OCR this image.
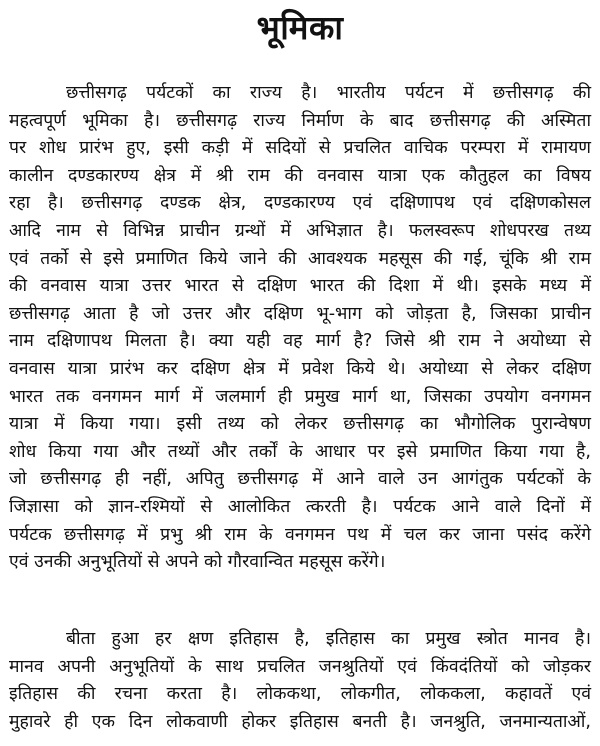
भूमिका
छत्तीसगढ़ पर्यटकों का राज्य है। भारतीय पर्यटन में छत्तीसगढ़ की
महत्वपूर्ण भूमिका है। छत्तीसगढ़ राज्य निर्माण के बाद छत्तीसगढ़ की अस्मिता
पर शोध प्रारंभ हुए, इसी कड़ी में सदियों से प्रचलित वाचिक परम्परा में रामायण
कालीन दण्डकारण्य क्षेत्र में श्री राम की वनवास यात्रा एक कौतुहल का विषय
रहा है। छत्तीसगढ़ दण्डक क्षेत्र, दण्डकारण्य एवं दक्षिणापथ एवं दक्षिणकोसल
आदि नाम से विभिन्न प्राचीन ग्रन्थों में अभिज्ञात है। फलस्वरूप शोधपरख तथ्य
एवं तर्को से इसे प्रमाणित किये जाने की आवश्यक महसूस की गई, चूंकि श्री राम
की वनवास यात्रा उत्तर भारत से दक्षिण भारत की दिशा में थी। इसके मध्य में
छत्तीसगढ़ आता है जो उत्तर और दक्षिण भू-भाग को जोड़ता है, जिसका प्राचीन
नाम दक्षिणापथ मिलता है। क्या यही वह मार्ग है? जिसे श्री राम ने अयोध्या से
वनवास यात्रा प्रारंभ कर दक्षिण क्षेत्र में प्रवेश किये थे। अयोध्या से लेकर दक्षिण
भारत तक वनगमन मार्ग में जलमार्ग ही प्रमुख मार्ग था, जिसका उपयोग वनगमन
यात्रा में किया गया। इसी तथ्य को लेकर छत्तीसगढ़ का भौगोलिक पुरान्वेषण
शोध किया गया और तथ्यों और तर्कों के आधार पर इसे प्रमाणित किया गया है,
जो छत्तीसगढ़ ही नहीं, अपितु छत्तीसगढ़ में आने वाले उन आगंतुक पर्यटकों के
जिज्ञासा को ज्ञान-रश्मियों से आलोकित त्करती है। पर्यटक आने वाले दिनों में
पर्यटक छत्तीसगढ़ में प्रभु श्री राम के वनगमन पथ में चल कर जाना पसंद करेंगे
एवं उनकी अनुभूतियों से अपने को गौरवान्वित महसूस करेंगे।
बीता हुआ हर क्षण इतिहास है, इतिहास का प्रमुख स्त्रोत मानव है।
मानव अपनी अनुभूतियों के साथ प्रचलित जनश्रुतियों एवं किंवदंतियों को जोड़कर
इतिहास की रचना करता है। लोककथा, लोकगीत, लोककला, कहावतें एवं
मुहावरे ही एक दिन लोकवाणी होकर इतिहास बनती है। जनश्रुति, जनमान्यताओं,
